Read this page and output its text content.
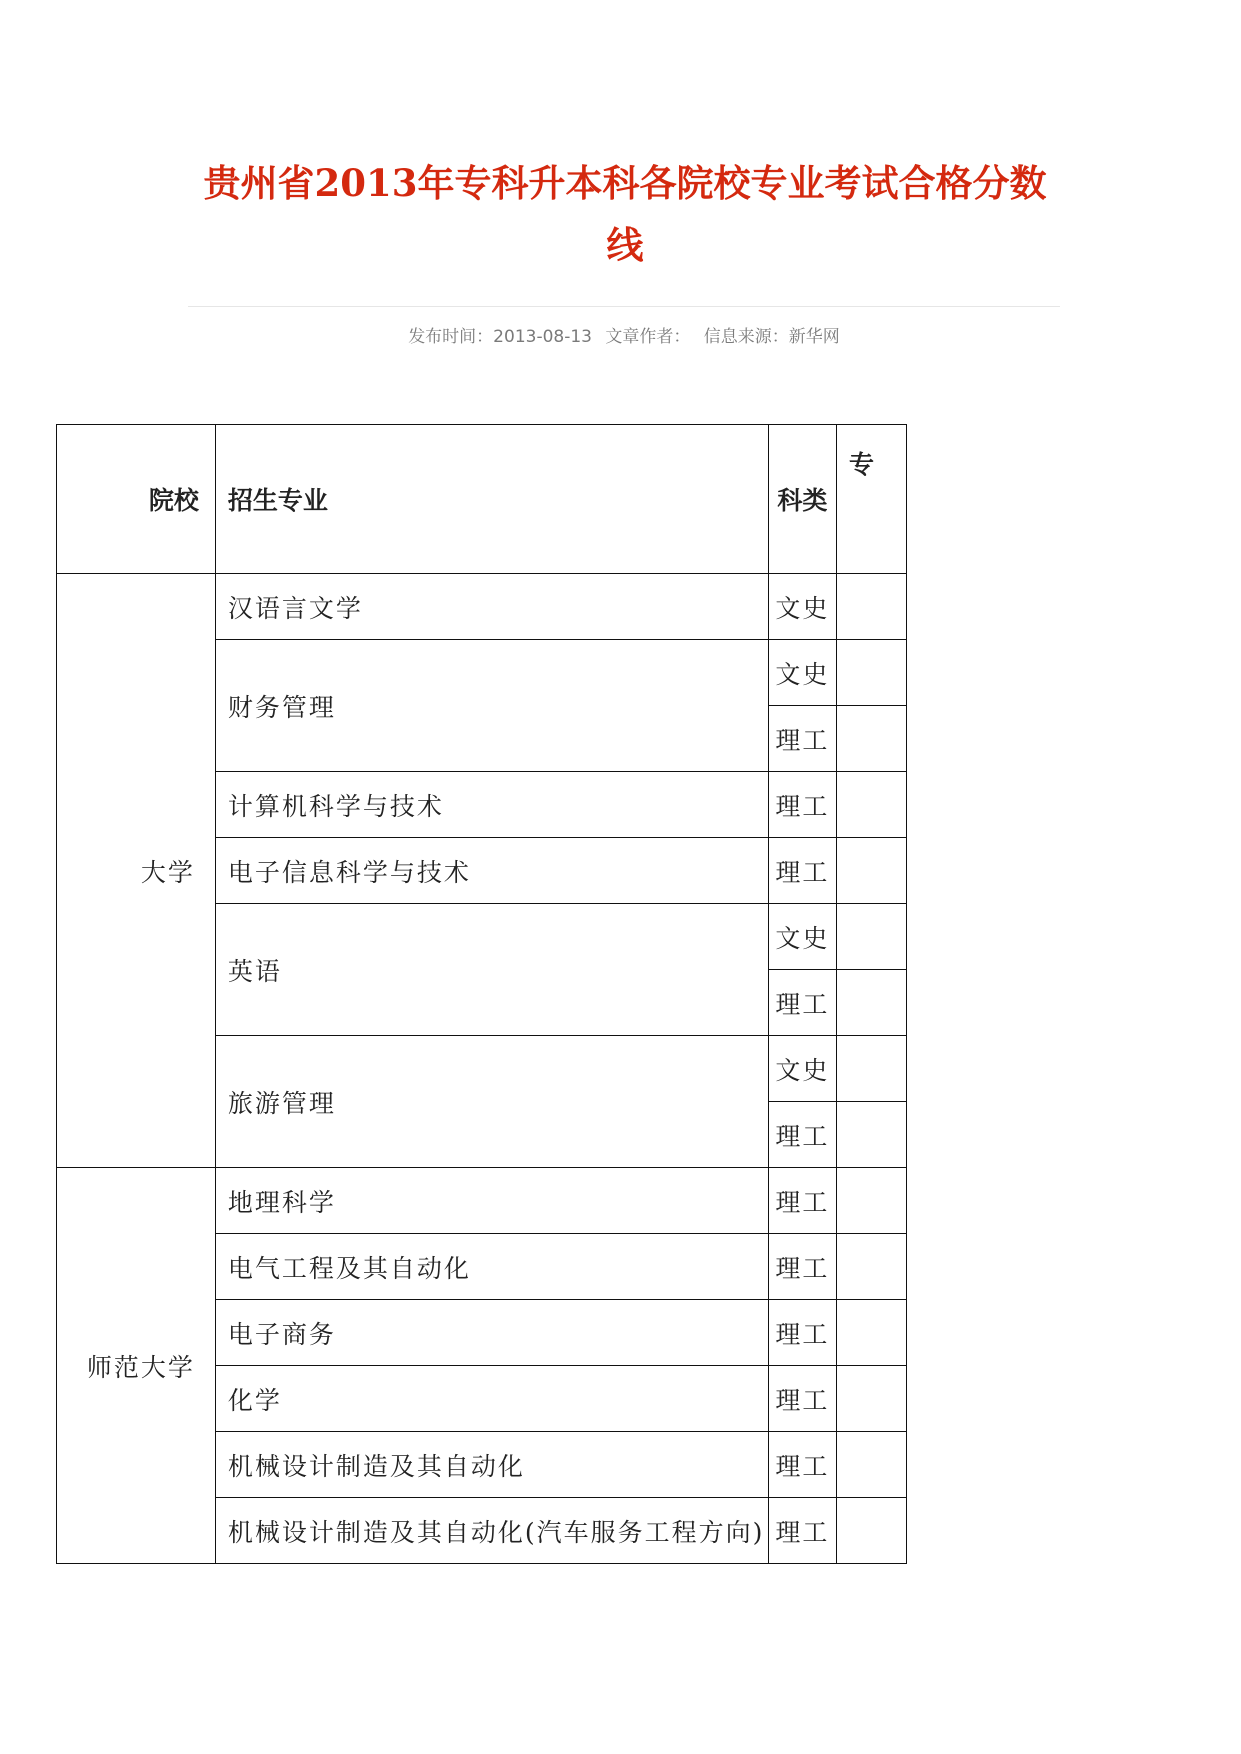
贵州省2013年专科升本科各院校专业考试合格分数线
发布时间：2013-08-13 文章作者： 信息来源：新华网
院校	招生专业	科类	专
大学	汉语言文学	文史	
	财务管理	文史	
		理工	
	计算机科学与技术	理工	
	电子信息科学与技术	理工	
	英语	文史	
		理工	
	旅游管理	文史	
		理工	
师范大学	地理科学	理工	
	电气工程及其自动化	理工	
	电子商务	理工	
	化学	理工	
	机械设计制造及其自动化	理工	
	机械设计制造及其自动化(汽车服务工程方向)	理工	
